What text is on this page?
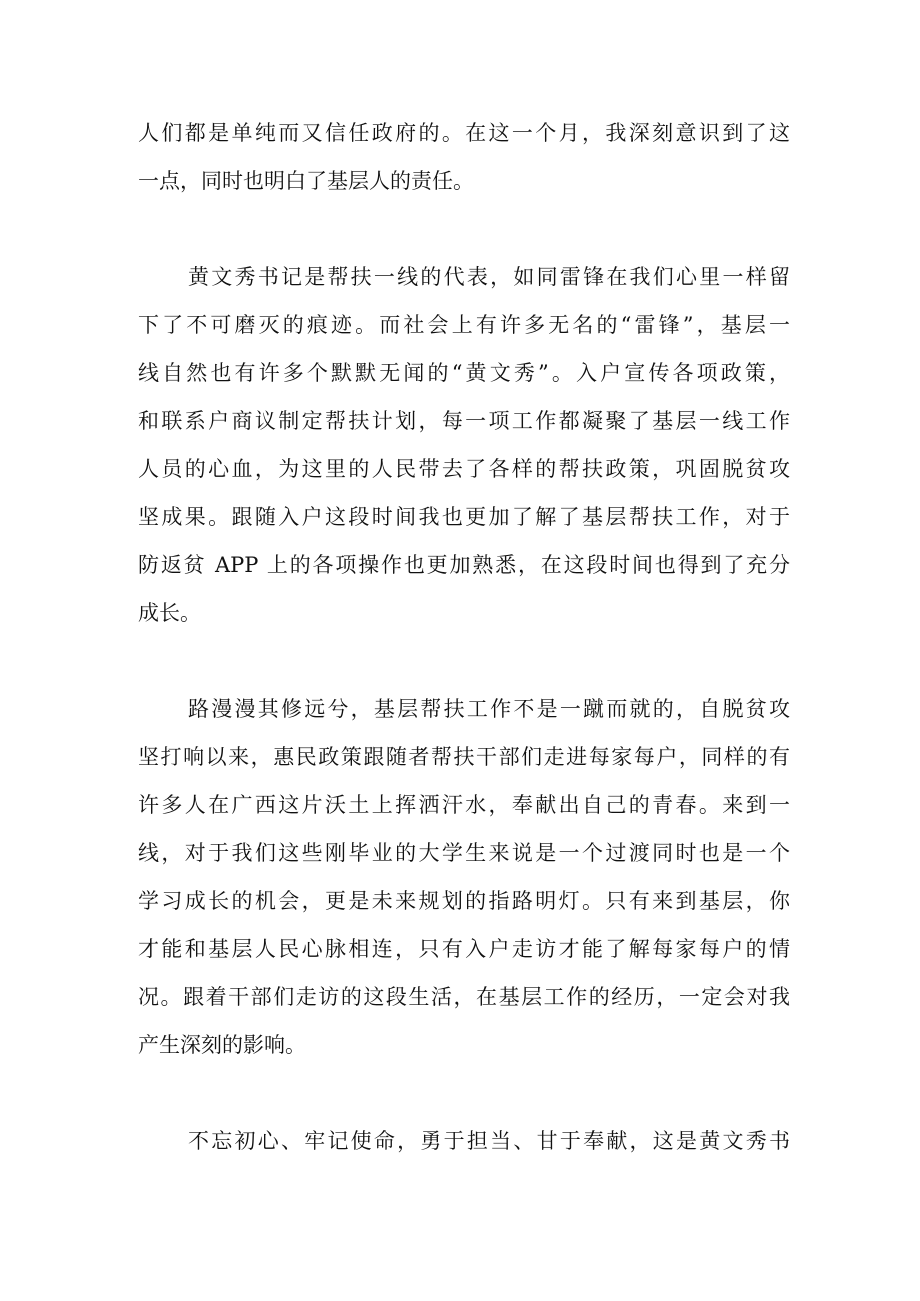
人们都是单纯而又信任政府的。在这一个月，我深刻意识到了这
一点，同时也明白了基层人的责任。
黄文秀书记是帮扶一线的代表，如同雷锋在我们心里一样留
下了不可磨灭的痕迹。而社会上有许多无名的“雷锋”，基层一
线自然也有许多个默默无闻的“黄文秀”。入户宣传各项政策，
和联系户商议制定帮扶计划，每一项工作都凝聚了基层一线工作
人员的心血，为这里的人民带去了各样的帮扶政策，巩固脱贫攻
坚成果。跟随入户这段时间我也更加了解了基层帮扶工作，对于
防返贫 APP 上的各项操作也更加熟悉，在这段时间也得到了充分
成长。
路漫漫其修远兮，基层帮扶工作不是一蹴而就的，自脱贫攻
坚打响以来，惠民政策跟随者帮扶干部们走进每家每户，同样的有
许多人在广西这片沃土上挥洒汗水，奉献出自己的青春。来到一
线，对于我们这些刚毕业的大学生来说是一个过渡同时也是一个
学习成长的机会，更是未来规划的指路明灯。只有来到基层，你
才能和基层人民心脉相连，只有入户走访才能了解每家每户的情
况。跟着干部们走访的这段生活，在基层工作的经历，一定会对我
产生深刻的影响。
不忘初心、牢记使命，勇于担当、甘于奉献，这是黄文秀书
